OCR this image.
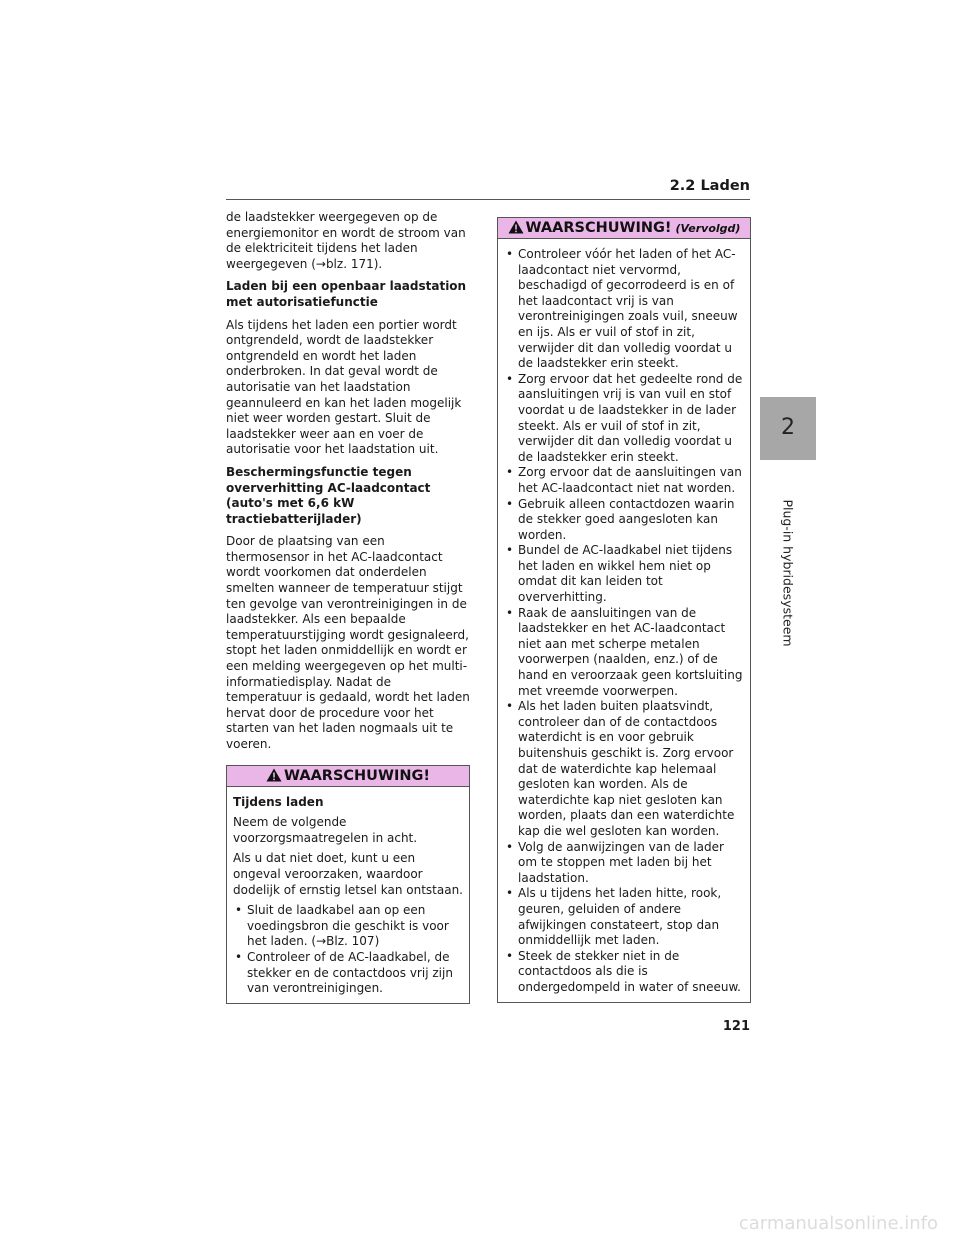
2.2 Laden
2
Plug-in hybridesysteem

de laadstekker weergegeven op de energiemonitor en wordt de stroom van de elektriciteit tijdens het laden weergegeven (→blz. 171).

Laden bij een openbaar laadstation met autorisatiefunctie

Als tijdens het laden een portier wordt ontgrendeld, wordt de laadstekker ontgrendeld en wordt het laden onderbroken. In dat geval wordt de autorisatie van het laadstation geannuleerd en kan het laden mogelijk niet weer worden gestart. Sluit de laadstekker weer aan en voer de autorisatie voor het laadstation uit.

Beschermingsfunctie tegen oververhitting AC-laadcontact (auto's met 6,6 kW tractiebatterijlader)

Door de plaatsing van een thermosensor in het AC-laadcontact wordt voorkomen dat onderdelen smelten wanneer de temperatuur stijgt ten gevolge van verontreinigingen in de laadstekker. Als een bepaalde temperatuurstijging wordt gesignaleerd, stopt het laden onmiddellijk en wordt er een melding weergegeven op het multi-informatiedisplay. Nadat de temperatuur is gedaald, wordt het laden hervat door de procedure voor het starten van het laden nogmaals uit te voeren.

WAARSCHUWING!

Tijdens laden

Neem de volgende voorzorgsmaatregelen in acht.

Als u dat niet doet, kunt u een ongeval veroorzaken, waardoor dodelijk of ernstig letsel kan ontstaan.

• Sluit de laadkabel aan op een voedingsbron die geschikt is voor het laden. (→Blz. 107)
• Controleer of de AC-laadkabel, de stekker en de contactdoos vrij zijn van verontreinigingen.
WAARSCHUWING! (Vervolgd)
• Controleer vóór het laden of het AC-laadcontact niet vervormd, beschadigd of gecorrodeerd is en of het laadcontact vrij is van verontreinigingen zoals vuil, sneeuw en ijs. Als er vuil of stof in zit, verwijder dit dan volledig voordat u de laadstekker erin steekt.
• Zorg ervoor dat het gedeelte rond de aansluitingen vrij is van vuil en stof voordat u de laadstekker in de lader steekt. Als er vuil of stof in zit, verwijder dit dan volledig voordat u de laadstekker erin steekt.
• Zorg ervoor dat de aansluitingen van het AC-laadcontact niet nat worden.
• Gebruik alleen contactdozen waarin de stekker goed aangesloten kan worden.
• Bundel de AC-laadkabel niet tijdens het laden en wikkel hem niet op omdat dit kan leiden tot oververhitting.
• Raak de aansluitingen van de laadstekker en het AC-laadcontact niet aan met scherpe metalen voorwerpen (naalden, enz.) of de hand en veroorzaak geen kortsluiting met vreemde voorwerpen.
• Als het laden buiten plaatsvindt, controleer dan of de contactdoos waterdicht is en voor gebruik buitenshuis geschikt is. Zorg ervoor dat de waterdichte kap helemaal gesloten kan worden. Als de waterdichte kap niet gesloten kan worden, plaats dan een waterdichte kap die wel gesloten kan worden.
• Volg de aanwijzingen van de lader om te stoppen met laden bij het laadstation.
• Als u tijdens het laden hitte, rook, geuren, geluiden of andere afwijkingen constateert, stop dan onmiddellijk met laden.
• Steek de stekker niet in de contactdoos als die is ondergedompeld in water of sneeuw.
121
carmanualsonline.info
